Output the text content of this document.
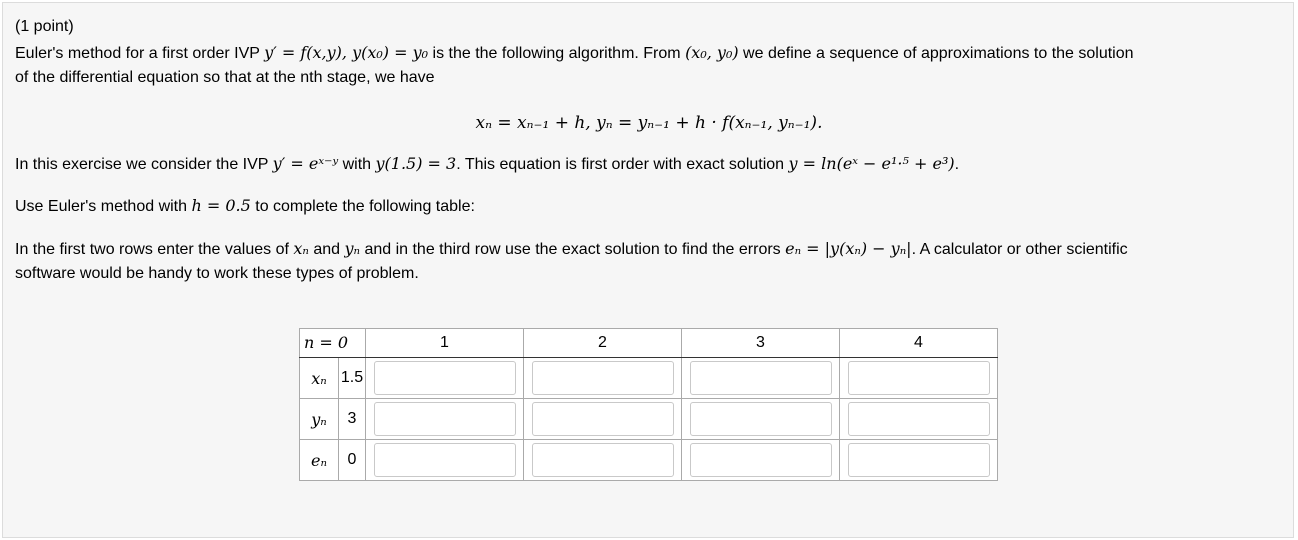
(1 point)
Euler's method for a first order IVP y′ = f(x,y), y(x₀) = y₀ is the the following algorithm. From (x₀, y₀) we define a sequence of approximations to the solution
of the differential equation so that at the nth stage, we have
xₙ = xₙ₋₁ + h, yₙ = yₙ₋₁ + h · f(xₙ₋₁, yₙ₋₁).
In this exercise we consider the IVP y′ = eˣ⁻ʸ with y(1.5) = 3. This equation is first order with exact solution y = ln(eˣ − e¹·⁵ + e³).
Use Euler's method with h = 0.5 to complete the following table:
In the first two rows enter the values of xₙ and yₙ and in the third row use the exact solution to find the errors eₙ = |y(xₙ) − yₙ|. A calculator or other scientific
software would be handy to work these types of problem.
n = 0		1	2	3	4
xₙ	1.5				
yₙ	3				
eₙ	0				
